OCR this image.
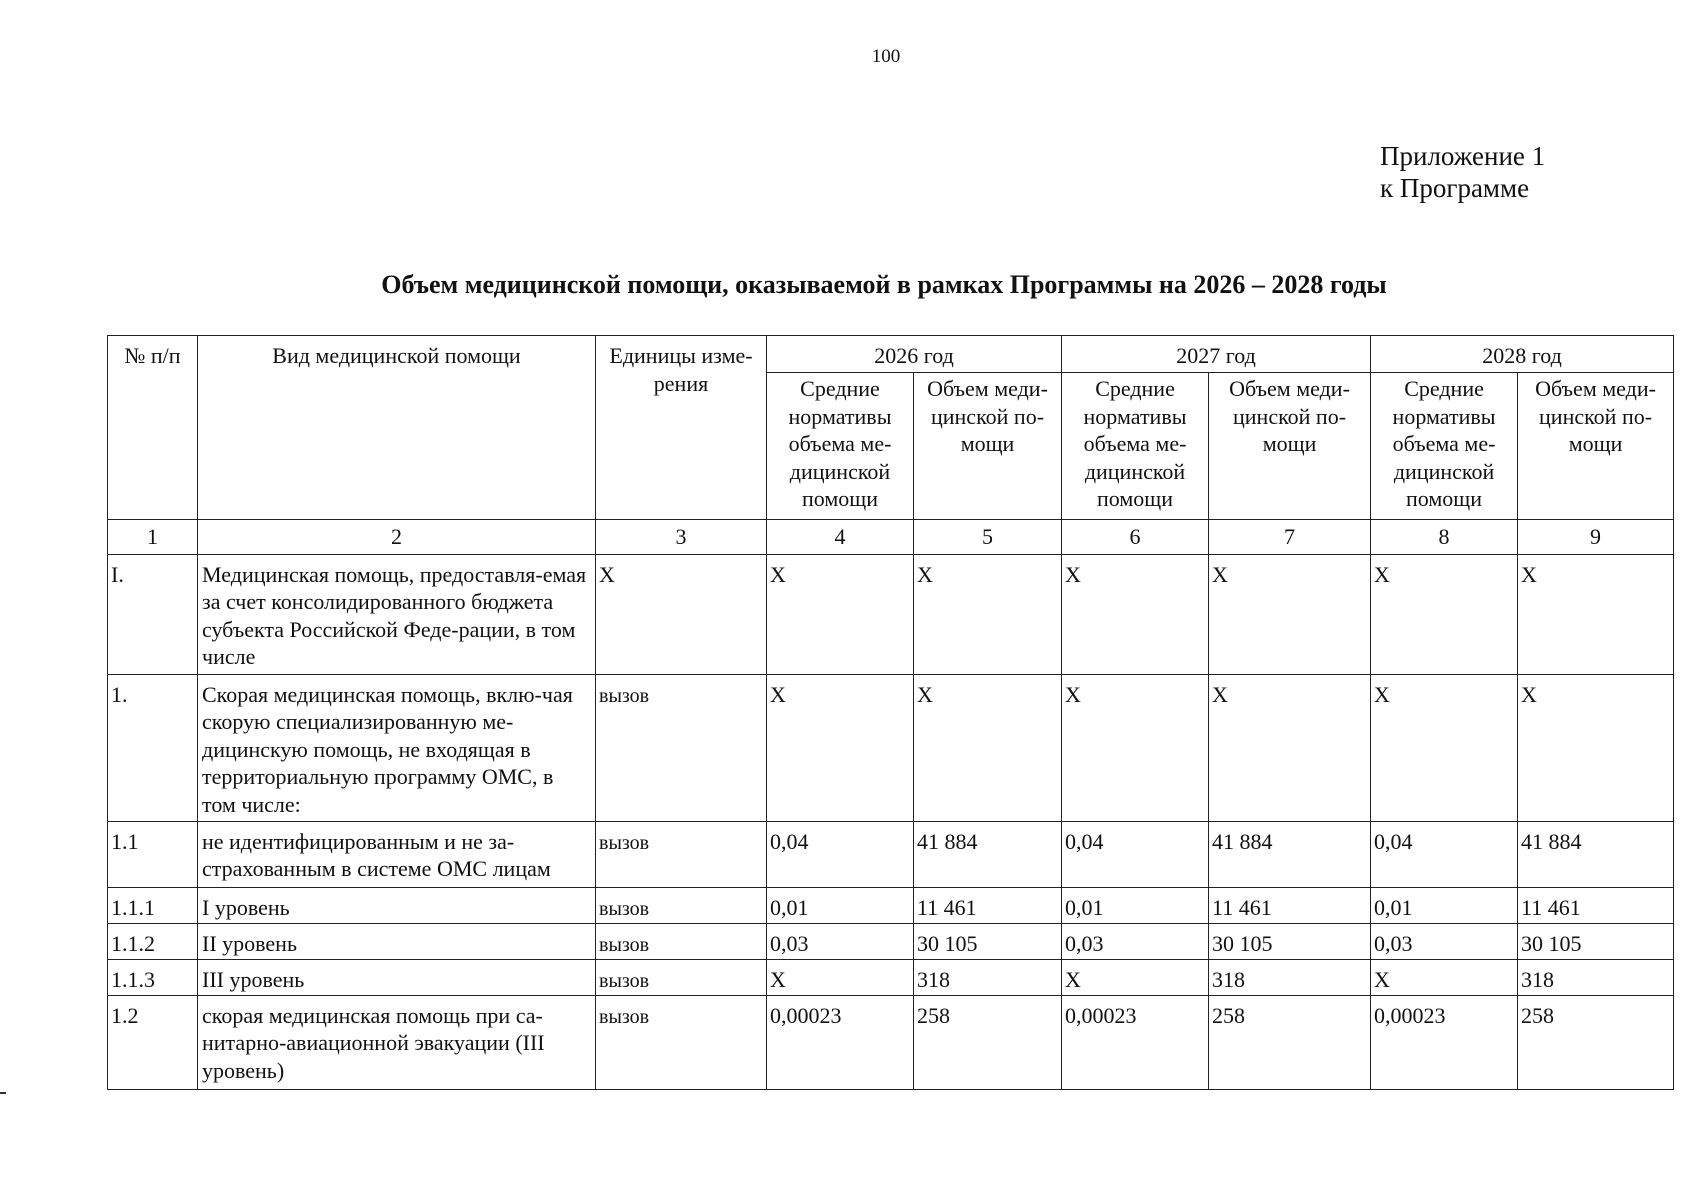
100
Приложение 1
к Программе
Объем медицинской помощи, оказываемой в рамках Программы на 2026 – 2028 годы
№ п/п	Вид медицинской помощи	Единицы изме-рения	2026 год		2027 год		2028 год	
			Средние нормативы объема ме-дицинской помощи	Объем меди-цинской по-мощи	Средние нормативы объема ме-дицинской помощи	Объем меди-цинской по-мощи	Средние нормативы объема ме-дицинской помощи	Объем меди-цинской по-мощи
1	2	3	4	5	6	7	8	9
I.	Медицинская помощь, предоставля-емая за счет консолидированного бюджета субъекта Российской Феде-рации, в том числе	X	X	X	X	X	X	X
1.	Скорая медицинская помощь, вклю-чая скорую специализированную ме-дицинскую помощь, не входящая в территориальную программу ОМС, в том числе:	вызов	X	X	X	X	X	X
1.1	не идентифицированным и не за-страхованным в системе ОМС лицам	вызов	0,04	41 884	0,04	41 884	0,04	41 884
1.1.1	I уровень	вызов	0,01	11 461	0,01	11 461	0,01	11 461
1.1.2	II уровень	вызов	0,03	30 105	0,03	30 105	0,03	30 105
1.1.3	III уровень	вызов	X	318	X	318	X	318
1.2	скорая медицинская помощь при са-нитарно-авиационной эвакуации (III уровень)	вызов	0,00023	258	0,00023	258	0,00023	258
